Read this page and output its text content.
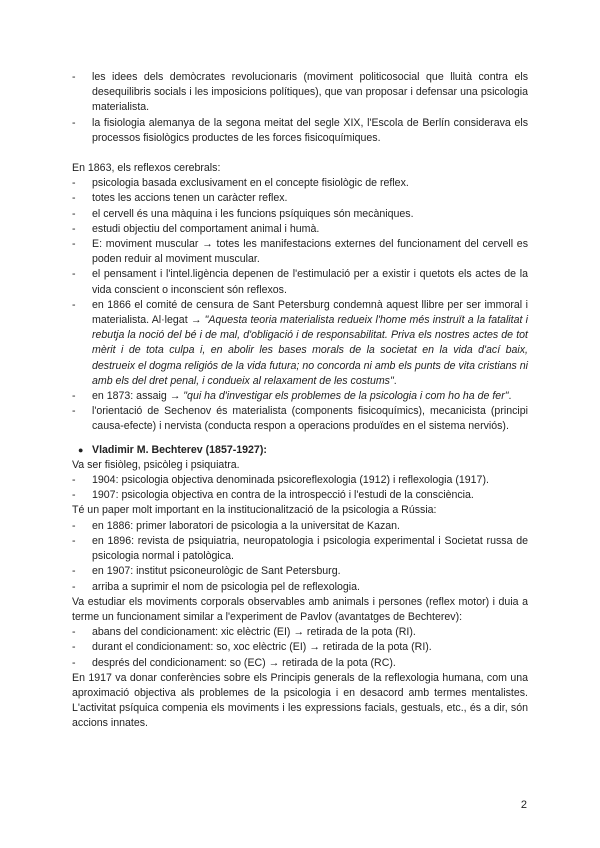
- les idees dels demòcrates revolucionaris (moviment politicosocial que lluità contra els desequilibris socials i les imposicions polítiques), que van proposar i defensar una psicologia materialista.
- la fisiologia alemanya de la segona meitat del segle XIX, l'Escola de Berlín considerava els processos fisiològics productes de les forces fisicoquímiques.
En 1863, els reflexos cerebrals:
- psicologia basada exclusivament en el concepte fisiològic de reflex.
- totes les accions tenen un caràcter reflex.
- el cervell és una màquina i les funcions psíquiques són mecàniques.
- estudi objectiu del comportament animal i humà.
- E: moviment muscular → totes les manifestacions externes del funcionament del cervell es poden reduir al moviment muscular.
- el pensament i l'intel.ligència depenen de l'estimulació per a existir i quetots els actes de la vida conscient o inconscient són reflexos.
- en 1866 el comité de censura de Sant Petersburg condemnà aquest llibre per ser immoral i materialista. Al·legat → "Aquesta teoria materialista redueix l'home més instruït a la fatalitat i rebutja la noció del bé i de mal, d'obligació i de responsabilitat. Priva els nostres actes de tot mèrit i de tota culpa i, en abolir les bases morals de la societat en la vida d'ací baix, destrueix el dogma religiós de la vida futura; no concorda ni amb els punts de vita cristians ni amb els del dret penal, i condueix al relaxament de les costums".
- en 1873: assaig → "qui ha d'investigar els problemes de la psicologia i com ho ha de fer".
- l'orientació de Sechenov és materialista (components fisicoquímics), mecanicista (principi causa-efecte) i nervista (conducta respon a operacions produïdes en el sistema nerviós).
● Vladimir M. Bechterev (1857-1927):
Va ser fisiòleg, psicòleg i psiquiatra.
- 1904: psicologia objectiva denominada psicoreflexologia (1912) i reflexologia (1917).
- 1907: psicologia objectiva en contra de la introspecció i l'estudi de la consciència.
Té un paper molt important en la institucionalització de la psicologia a Rússia:
- en 1886: primer laboratori de psicologia a la universitat de Kazan.
- en 1896: revista de psiquiatria, neuropatologia i psicologia experimental i Societat russa de psicologia normal i patològica.
- en 1907: institut psiconeurològic de Sant Petersburg.
- arriba a suprimir el nom de psicologia pel de reflexologia.
Va estudiar els moviments corporals observables amb animals i persones (reflex motor) i duia a terme un funcionament similar a l'experiment de Pavlov (avantatges de Bechterev):
- abans del condicionament: xic elèctric (EI) → retirada de la pota (RI).
- durant el condicionament: so, xoc elèctric (EI) → retirada de la pota (RI).
- després del condicionament: so (EC) → retirada de la pota (RC).
En 1917 va donar conferències sobre els Principis generals de la reflexologia humana, com una aproximació objectiva als problemes de la psicologia i en desacord amb termes mentalistes. L'activitat psíquica compenia els moviments i les expressions facials, gestuals, etc., és a dir, són accions innates.
2
